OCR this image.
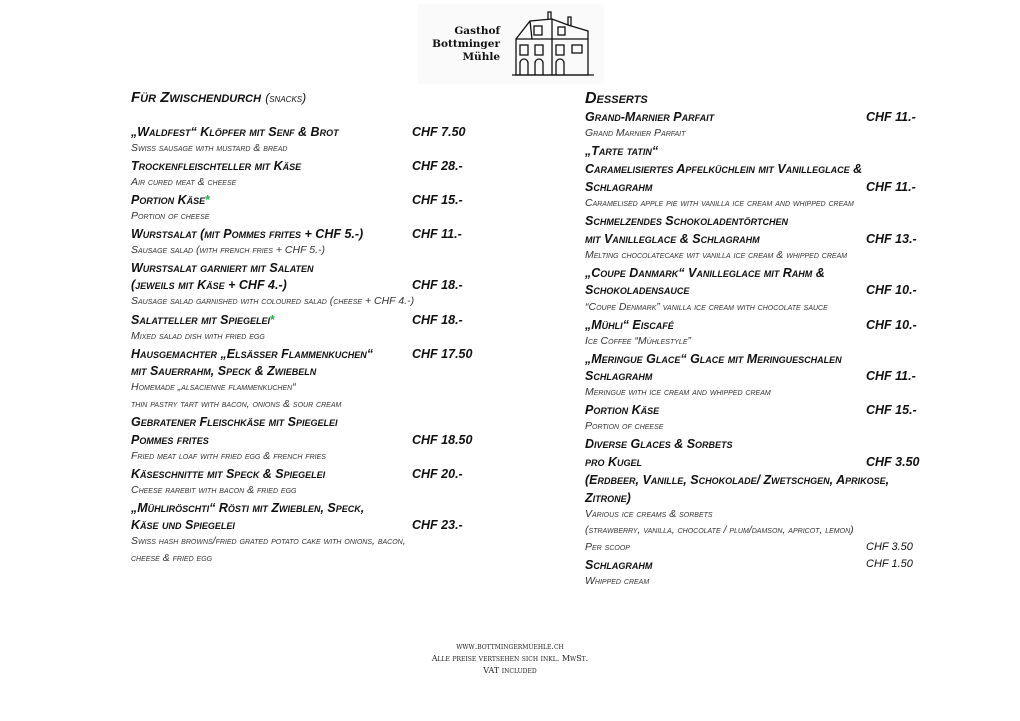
Gasthof
Bottminger
Mühle
Für Zwischendurch (snacks)
„Waldfest“ Klöpfer mit Senf & Brot	CHF 7.50
Swiss sausage with mustard & bread
Trockenfleischteller mit Käse	CHF 28.-
Air cured meat & cheese
Portion Käse*	CHF 15.-
Portion of cheese
Wurstsalat (mit Pommes frites + CHF 5.-)	CHF 11.-
Sausage salad (with french fries + CHF 5.-)
Wurstsalat garniert mit Salaten
(jeweils mit Käse + CHF 4.-)	CHF 18.-
Sausage salad garnished with coloured salad (cheese + CHF 4.-)
Salatteller mit Spiegelei*	CHF 18.-
Mixed salad dish with fried egg
Hausgemachter „Elsässer Flammenkuchen“	CHF 17.50
mit Sauerrahm, Speck & Zwiebeln
Homemade „alsacienne flammenkuchen“
thin pastry tart with bacon, onions & sour cream
Gebratener Fleischkäse mit Spiegelei
Pommes frites	CHF 18.50
Fried meat loaf with fried egg & french fries
Käseschnitte mit Speck & Spiegelei	CHF 20.-
Cheese rarebit with bacon & fried egg
„Mühliröschti“ Rösti mit Zwieblen, Speck,
Käse und Spiegelei	CHF 23.-
Swiss hash browns/fried grated potato cake with onions, bacon,
cheese & fried egg
Desserts
Grand-Marnier Parfait	CHF 11.-
Grand Marnier Parfait
„Tarte tatin“
Caramelisiertes Apfelküchlein mit Vanilleglace &
Schlagrahm	CHF 11.-
Caramelised apple pie with vanilla ice cream and whipped cream
Schmelzendes Schokoladentörtchen
mit Vanilleglace & Schlagrahm	CHF 13.-
Melting chocolatecake wit vanilla ice cream & whipped cream
„Coupe Danmark“ Vanilleglace mit Rahm &
Schokoladensauce	CHF 10.-
“Coupe Denmark” vanilla ice cream with chocolate sauce
„Mühli“ Eiscafé	CHF 10.-
Ice Coffee “Mühlestyle”
„Meringue Glace“ Glace mit Meringueschalen
Schlagrahm	CHF 11.-
Meringue with ice cream and whipped cream
Portion Käse	CHF 15.-
Portion of cheese
Diverse Glaces & Sorbets
pro Kugel	CHF 3.50
(Erdbeer, Vanille, Schokolade/ Zwetschgen, Aprikose,
Zitrone)
Various ice creams & sorbets
(strawberry, vanilla, chocolate / plum/damson, apricot, lemon)
Per scoop	CHF 3.50
Schlagrahm	CHF 1.50
Whipped cream
www.bottmingermuehle.ch
Alle preise vertsehen sich inkl. MwSt.
VAT included
